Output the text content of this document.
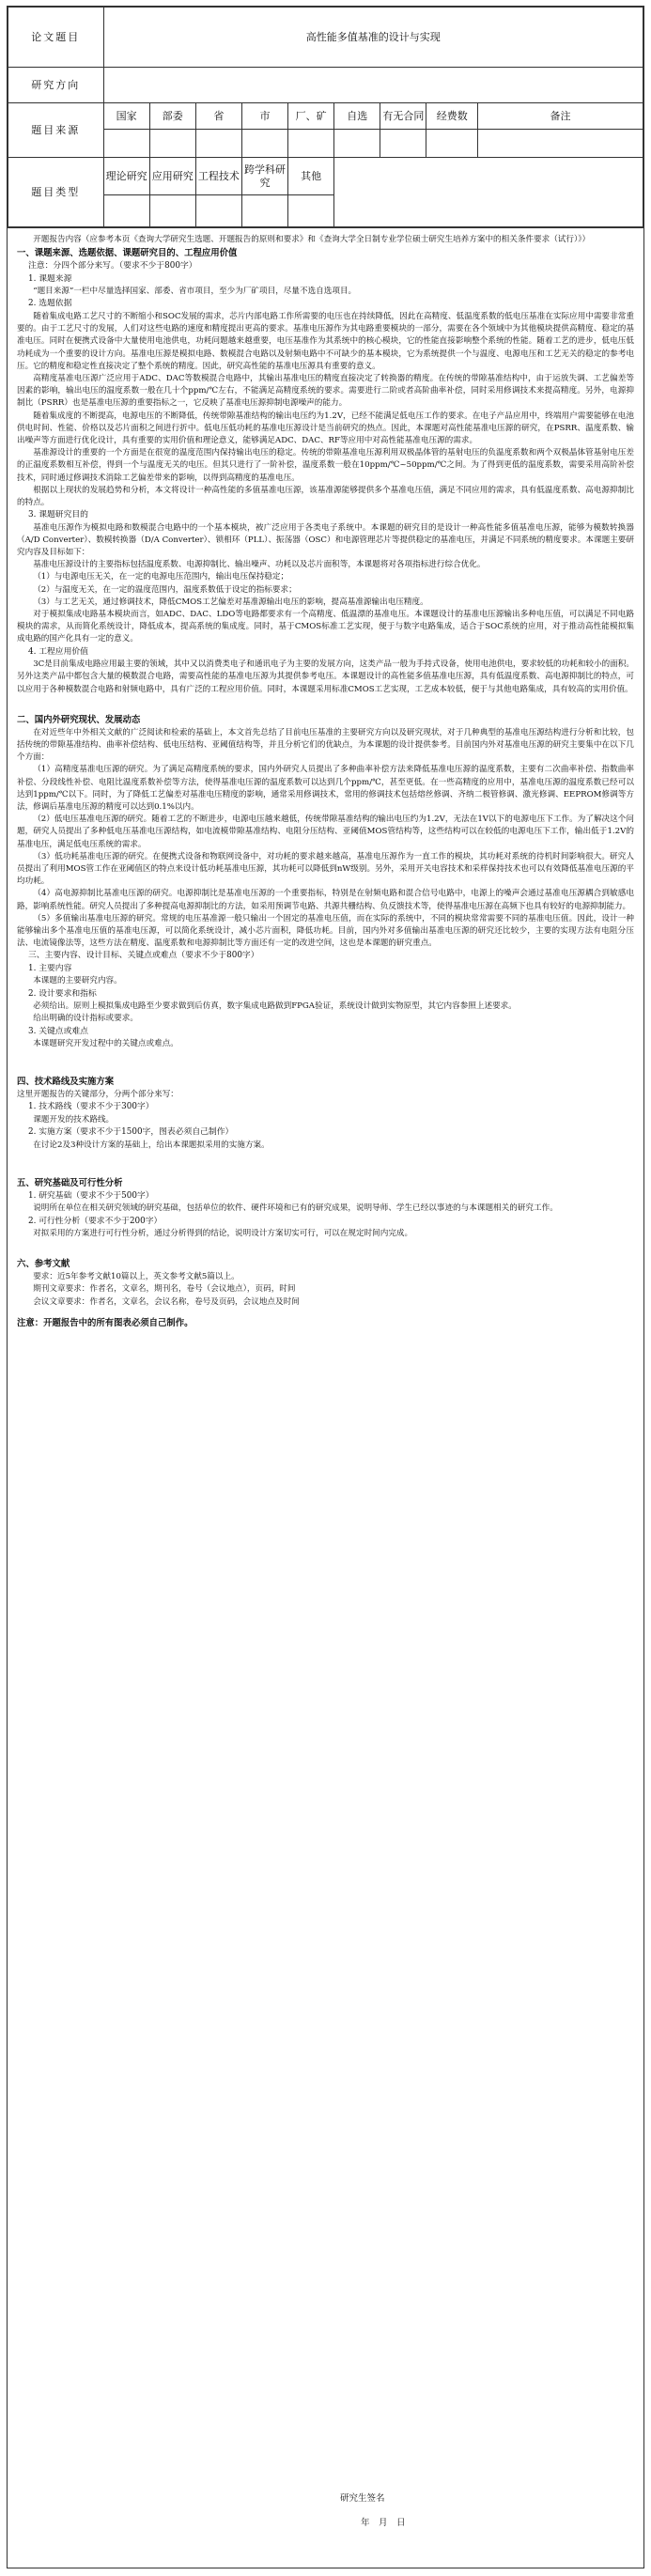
论文题目	高性能多值基准的设计与实现								
研究方向									
题目来源	国家	部委	省	市	厂、矿	自选	有无合同	经费数	备注

题目类型	理论研究	应用研究	工程技术	跨学科研究	其他				

开题报告内容（应参考本页《查询大学研究生选题、开题报告的原则和要求》和《查询大学全日制专业学位硕士研究生培养方案中的相关条件要求（试行）》）

一、课题来源、选题依据、课题研究目的、工程应用价值

注意：分四个部分来写。（要求不少于800字）

1. 课题来源

“题目来源”一栏中尽量选择国家、部委、省市项目，至少为厂矿项目，尽量不选自选项目。

2. 选题依据

随着集成电路工艺尺寸的不断缩小和SOC发展的需求，芯片内部电路工作所需要的电压也在持续降低，因此在高精度、低温度系数的低电压基准在实际应用中需要非常重要的。由于工艺尺寸的发展，人们对这些电路的速度和精度提出更高的要求。基准电压源作为其电路重要模块的一部分，需要在各个领域中为其他模块提供高精度、稳定的基准电压。同时在便携式设备中大量使用电池供电，功耗问题越来越重要，电压基准作为其系统中的核心模块，它的性能直接影响整个系统的性能。随着工艺的进步，低电压低功耗成为一个重要的设计方向。基准电压源是模拟电路、数模混合电路以及射频电路中不可缺少的基本模块，它为系统提供一个与温度、电源电压和工艺无关的稳定的参考电压。它的精度和稳定性直接决定了整个系统的精度。因此，研究高性能的基准电压源具有重要的意义。

高精度基准电压源广泛应用于ADC、DAC等数模混合电路中，其输出基准电压的精度直接决定了转换器的精度。在传统的带隙基准结构中，由于运放失调、工艺偏差等因素的影响，输出电压的温度系数一般在几十个ppm/℃左右，不能满足高精度系统的要求。需要进行二阶或者高阶曲率补偿，同时采用修调技术来提高精度。另外，电源抑制比（PSRR）也是基准电压源的重要指标之一，它反映了基准电压源抑制电源噪声的能力。

随着集成度的不断提高，电源电压的不断降低，传统带隙基准结构的输出电压约为1.2V，已经不能满足低电压工作的要求。在电子产品应用中，终端用户需要能够在电池供电时间、性能、价格以及芯片面积之间进行折中。低电压低功耗的基准电压源设计是当前研究的热点。因此，本课题对高性能基准电压源的研究，在PSRR、温度系数、输出噪声等方面进行优化设计，具有重要的实用价值和理论意义，能够满足ADC、DAC、RF等应用中对高性能基准电压源的需求。

基准源设计的重要的一个方面是在很宽的温度范围内保持输出电压的稳定。传统的带隙基准电压源利用双极晶体管的基射电压的负温度系数和两个双极晶体管基射电压差的正温度系数相互补偿，得到一个与温度无关的电压。但其只进行了一阶补偿，温度系数一般在10ppm/℃~50ppm/℃之间。为了得到更低的温度系数，需要采用高阶补偿技术，同时通过修调技术消除工艺偏差带来的影响，以得到高精度的基准电压。

根据以上现状的发展趋势和分析，本文将设计一种高性能的多值基准电压源，该基准源能够提供多个基准电压值，满足不同应用的需求，具有低温度系数、高电源抑制比的特点。

3. 课题研究目的

基准电压源作为模拟电路和数模混合电路中的一个基本模块，被广泛应用于各类电子系统中。本课题的研究目的是设计一种高性能多值基准电压源，能够为模数转换器（A/D Converter）、数模转换器（D/A Converter）、锁相环（PLL）、振荡器（OSC）和电源管理芯片等提供稳定的基准电压，并满足不同系统的精度要求。本课题主要研究内容及目标如下：

基准电压源设计的主要指标包括温度系数、电源抑制比、输出噪声、功耗以及芯片面积等，本课题将对各项指标进行综合优化。

（1）与电源电压无关，在一定的电源电压范围内，输出电压保持稳定；

（2）与温度无关，在一定的温度范围内，温度系数低于设定的指标要求；

（3）与工艺无关，通过修调技术，降低CMOS工艺偏差对基准源输出电压的影响，提高基准源输出电压精度。

对于模拟集成电路基本模块而言，如ADC、DAC、LDO等电路都要求有一个高精度、低温漂的基准电压。本课题设计的基准电压源输出多种电压值，可以满足不同电路模块的需求，从而简化系统设计，降低成本，提高系统的集成度。同时，基于CMOS标准工艺实现，便于与数字电路集成，适合于SOC系统的应用，对于推动高性能模拟集成电路的国产化具有一定的意义。

4. 工程应用价值

3C是目前集成电路应用最主要的领域，其中又以消费类电子和通讯电子为主要的发展方向，这类产品一般为手持式设备，使用电池供电，要求较低的功耗和较小的面积。另外这类产品中都包含大量的模数混合电路，需要高性能的基准电压源为其提供参考电压。本课题设计的高性能多值基准电压源，具有低温度系数、高电源抑制比的特点，可以应用于各种模数混合电路和射频电路中，具有广泛的工程应用价值。同时，本课题采用标准CMOS工艺实现，工艺成本较低，便于与其他电路集成，具有较高的实用价值。

二、国内外研究现状、发展动态

在对近些年中外相关文献的广泛阅读和检索的基础上，本文首先总结了目前电压基准的主要研究方向以及研究现状，对于几种典型的基准电压源结构进行分析和比较，包括传统的带隙基准结构、曲率补偿结构、低电压结构、亚阈值结构等，并且分析它们的优缺点，为本课题的设计提供参考。目前国内外对基准电压源的研究主要集中在以下几个方面：

（1）高精度基准电压源的研究。为了满足高精度系统的要求，国内外研究人员提出了多种曲率补偿方法来降低基准电压源的温度系数，主要有二次曲率补偿、指数曲率补偿、分段线性补偿、电阻比温度系数补偿等方法，使得基准电压源的温度系数可以达到几个ppm/℃，甚至更低。在一些高精度的应用中，基准电压源的温度系数已经可以达到1ppm/℃以下。同时，为了降低工艺偏差对基准电压精度的影响，通常采用修调技术，常用的修调技术包括熔丝修调、齐纳二极管修调、激光修调、EEPROM修调等方法，修调后基准电压源的精度可以达到0.1%以内。

（2）低电压基准电压源的研究。随着工艺的不断进步，电源电压越来越低，传统带隙基准结构的输出电压约为1.2V，无法在1V以下的电源电压下工作。为了解决这个问题，研究人员提出了多种低电压基准电压源结构，如电流模带隙基准结构、电阻分压结构、亚阈值MOS管结构等，这些结构可以在较低的电源电压下工作，输出低于1.2V的基准电压，满足低电压系统的需求。

（3）低功耗基准电压源的研究。在便携式设备和物联网设备中，对功耗的要求越来越高，基准电压源作为一直工作的模块，其功耗对系统的待机时间影响很大。研究人员提出了利用MOS管工作在亚阈值区的特点来设计低功耗基准电压源，其功耗可以降低到nW级别。另外，采用开关电容技术和采样保持技术也可以有效降低基准电压源的平均功耗。

（4）高电源抑制比基准电压源的研究。电源抑制比是基准电压源的一个重要指标，特别是在射频电路和混合信号电路中，电源上的噪声会通过基准电压源耦合到敏感电路，影响系统性能。研究人员提出了多种提高电源抑制比的方法，如采用预调节电路、共源共栅结构、负反馈技术等，使得基准电压源在高频下也具有较好的电源抑制能力。

（5）多值输出基准电压源的研究。常规的电压基准源一般只输出一个固定的基准电压值，而在实际的系统中，不同的模块常常需要不同的基准电压值。因此，设计一种能够输出多个基准电压值的基准电压源，可以简化系统设计，减小芯片面积，降低功耗。目前，国内外对多值输出基准电压源的研究还比较少，主要的实现方法有电阻分压法、电流镜像法等，这些方法在精度、温度系数和电源抑制比等方面还有一定的改进空间，这也是本课题的研究重点。

三、主要内容、设计目标、关键点或难点（要求不少于800字）

1. 主要内容

本课题的主要研究内容。

2. 设计要求和指标

必须给出。原则上模拟集成电路至少要求做到后仿真，数字集成电路做到FPGA验证，系统设计做到实物原型，其它内容参照上述要求。

给出明确的设计指标或要求。

3. 关键点或难点

本课题研究开发过程中的关键点或难点。

四、技术路线及实施方案

这里开题报告的关键部分，分两个部分来写：

1. 技术路线（要求不少于300字）

课题开发的技术路线。

2. 实施方案（要求不少于1500字，图表必须自己制作）

在讨论2及3种设计方案的基础上，给出本课题拟采用的实施方案。

五、研究基础及可行性分析

1. 研究基础（要求不少于500字）

说明所在单位在相关研究领域的研究基础，包括单位的软件、硬件环境和已有的研究成果，说明导师、学生已经以事迹的与本课题相关的研究工作。

2. 可行性分析（要求不少于200字）

对拟采用的方案进行可行性分析，通过分析得到的结论，说明设计方案切实可行，可以在规定时间内完成。

六、参考文献

要求：近5年参考文献10篇以上，英文参考文献5篇以上。

期刊文章要求：作者名，文章名，期刊名，卷号（会议地点），页码，时间

会议文章要求：作者名，文章名，会议名称，卷号及页码，会议地点及时间

注意：开题报告中的所有图表必须自己制作。

研究生签名
年　月　日
